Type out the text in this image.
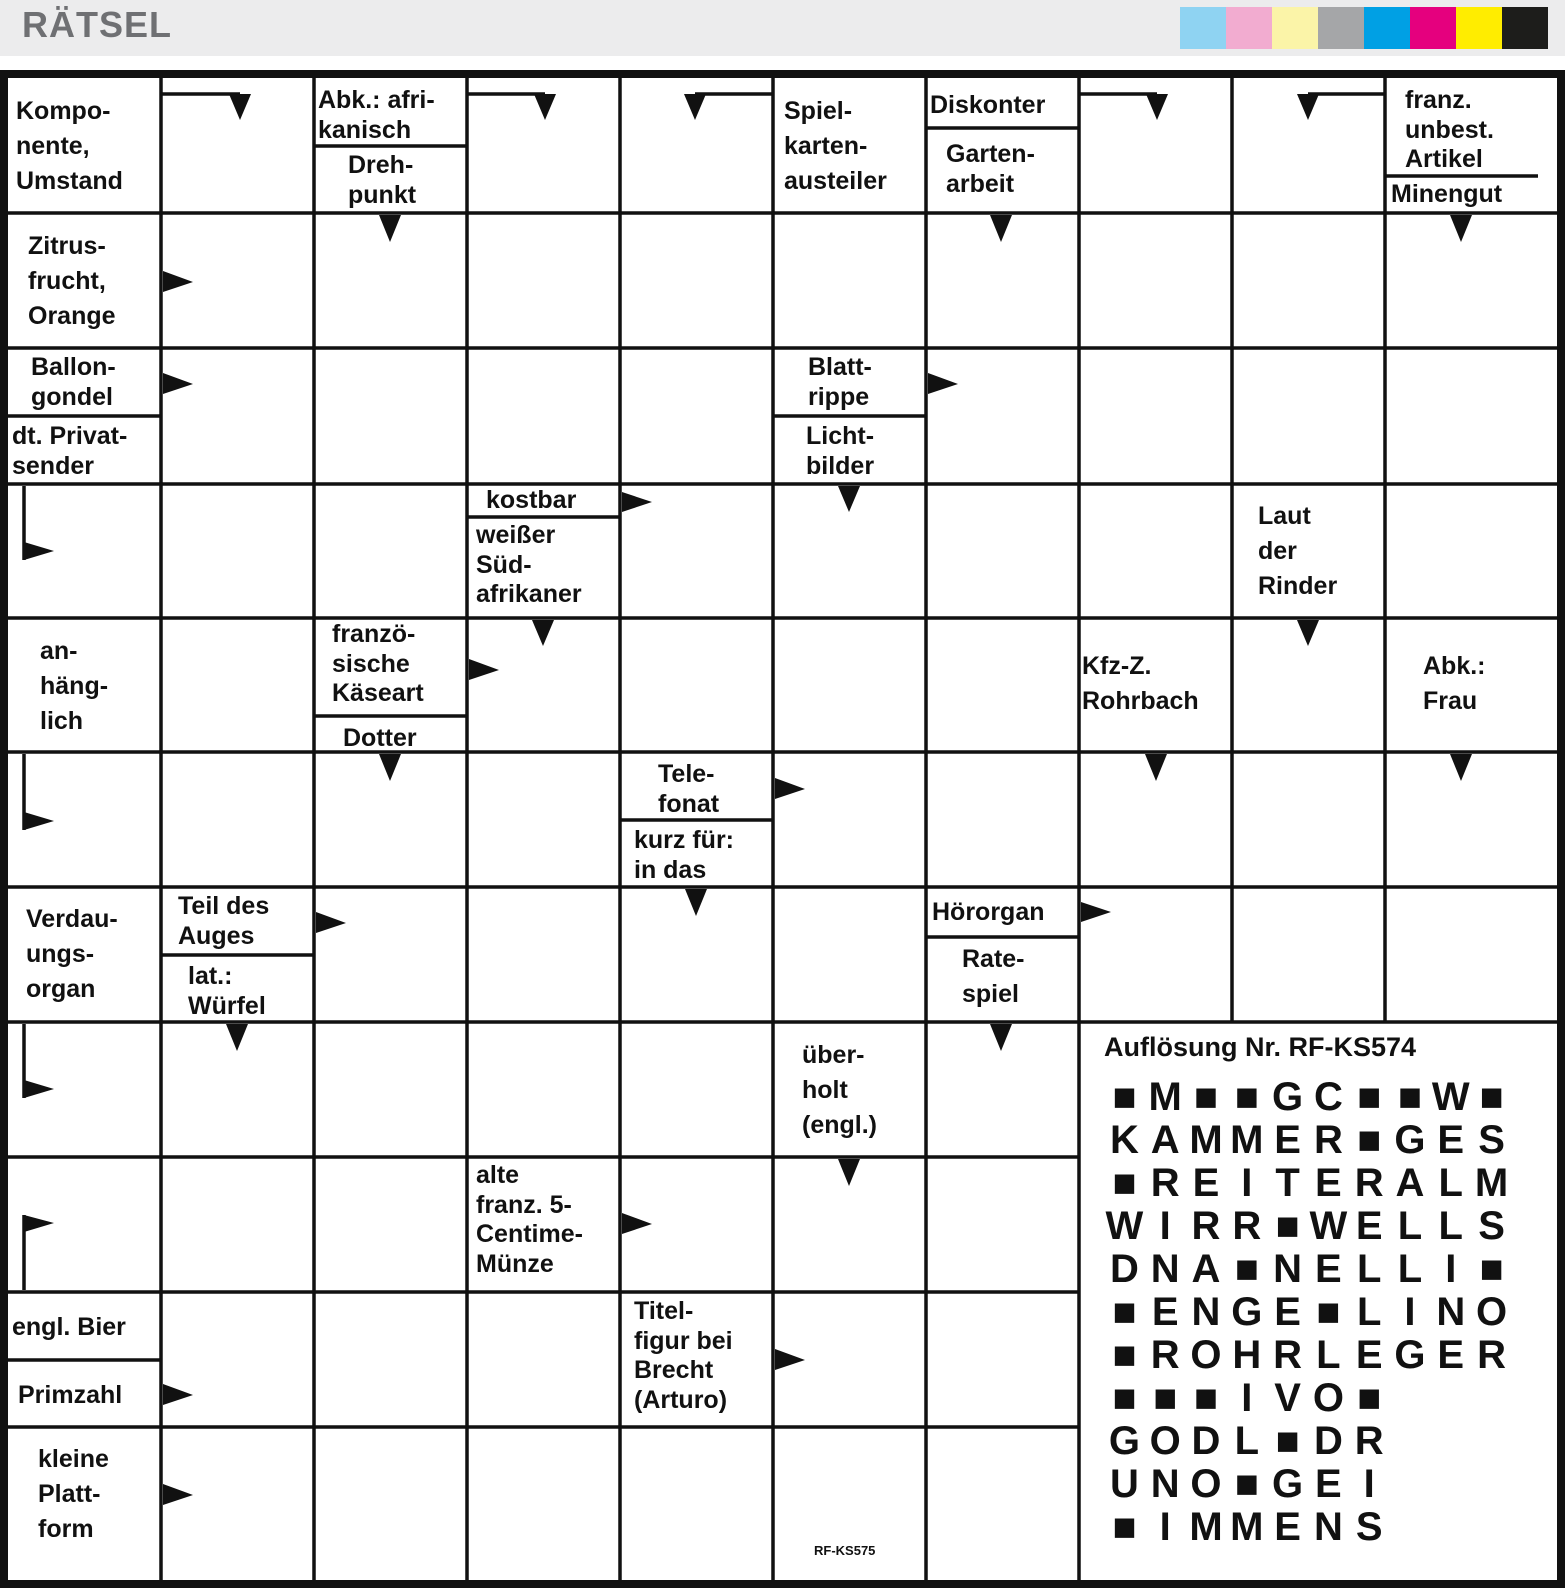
RÄTSEL
Kompo-
nente,
Umstand
Abk.: afri-
kanisch
Dreh-
punkt
Spiel-
karten-
austeiler
Diskonter
Garten-
arbeit
franz.
unbest.
Artikel
Minengut
Zitrus-
frucht,
Orange
Ballon-
gondel
dt. Privat-
sender
Blatt-
rippe
Licht-
bilder
kostbar
weißer
Süd-
afrikaner
Laut
der
Rinder
an-
häng-
lich
franzö-
sische
Käseart
Dotter
Kfz-Z.
Rohrbach
Abk.:
Frau
Tele-
fonat
kurz für:
in das
Verdau-
ungs-
organ
Teil des
Auges
lat.:
Würfel
Hörorgan
Rate-
spiel
über-
holt
(engl.)
alte
franz. 5-
Centime-
Münze
engl. Bier
Primzahl
Titel-
figur bei
Brecht
(Arturo)
kleine
Platt-
form
RF-KS575
Auflösung Nr. RF-KS574
■ M ■ ■ G C ■ ■ W ■
K A M M E R ■ G E S
■ R E I T E R A L M
W I R R ■ W E L L S
D N A ■ N E L L I ■
■ E N G E ■ L I N O
■ R O H R L E G E R
■ ■ ■ I V O ■
G O D L ■ D R
U N O ■ G E I
■ I M M E N S
